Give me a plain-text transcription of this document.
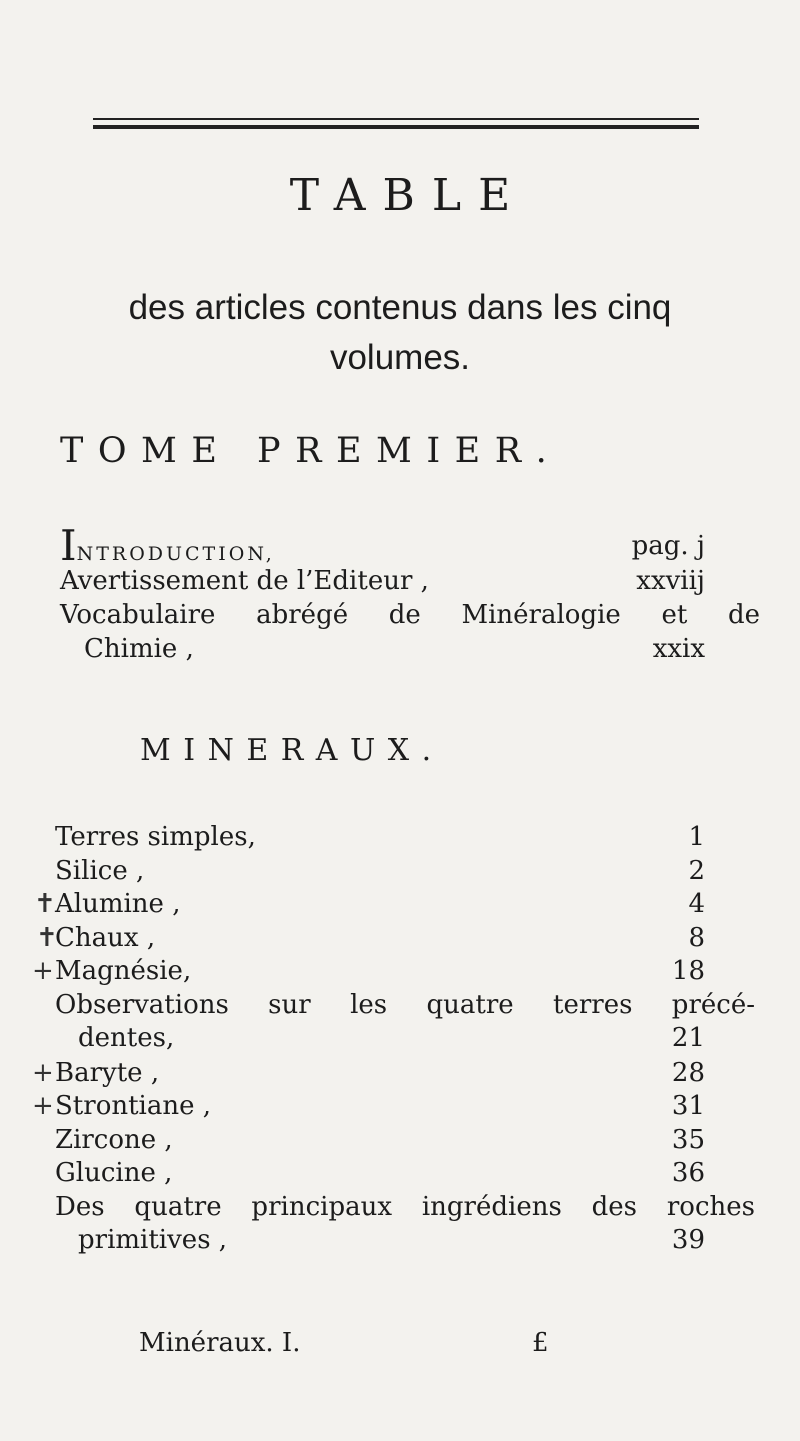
TABLE
des articles contenus dans les cinq
volumes.
TOME PREMIER.
INTRODUCTION,	pag. j
Avertissement de l’Editeur ,	xxviij
Vocabulaire abrégé de Minéralogie et de
Chimie ,	xxix
MINERAUX.
Terres simples,	1
Silice ,	2
✝ Alumine ,	4
✝
Chaux ,	8
+ Magnésie,	18
Observations sur les quatre terres précé-
dentes,	21
+ Baryte ,	28
+ Strontiane ,	31
Zircone ,	35
Glucine ,	36
Des quatre principaux ingrédiens des roches
primitives ,	39
Minéraux. I.	£
